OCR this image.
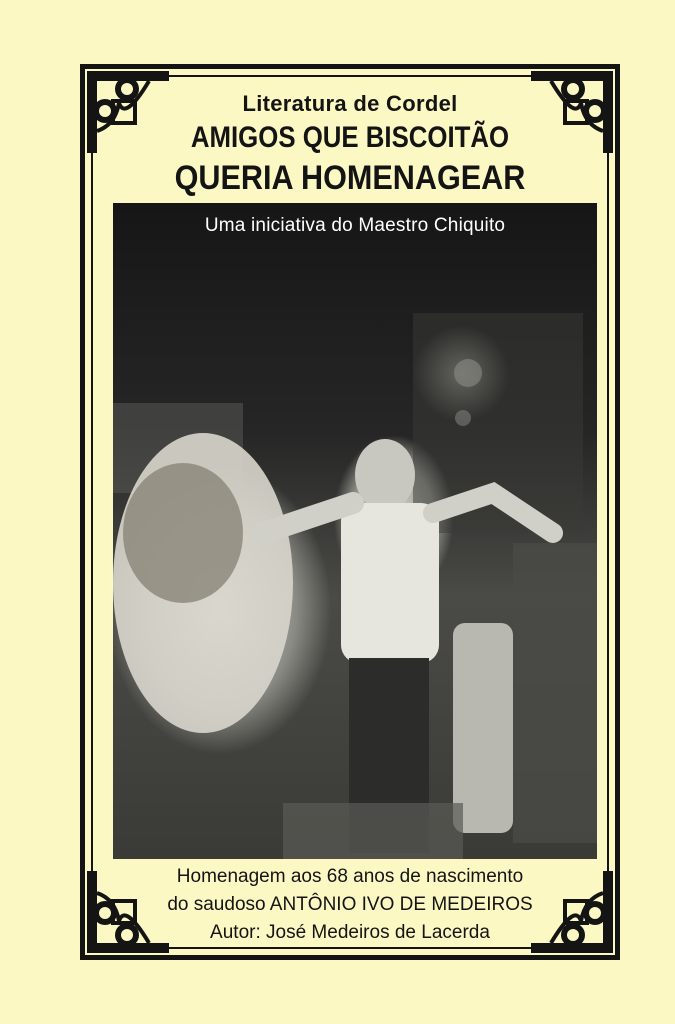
Literatura de Cordel
AMIGOS QUE BISCOITÃO
QUERIA HOMENAGEAR
Uma iniciativa do Maestro Chiquito
Homenagem aos 68 anos de nascimento
do saudoso ANTÔNIO IVO DE MEDEIROS
Autor: José Medeiros de Lacerda
